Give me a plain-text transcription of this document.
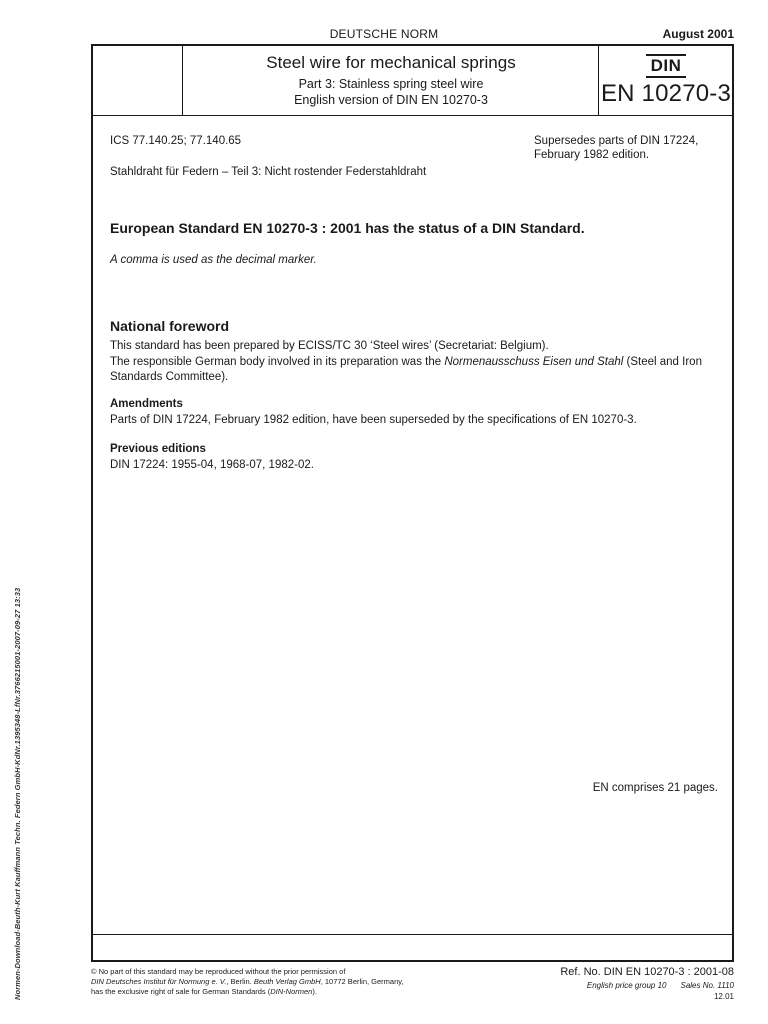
DEUTSCHE NORM	August 2001
Steel wire for mechanical springs
Part 3: Stainless spring steel wire
English version of DIN EN 10270-3
DIN
EN 10270-3
ICS 77.140.25; 77.140.65	Supersedes parts of DIN 17224,
February 1982 edition.
Stahldraht für Federn – Teil 3: Nicht rostender Federstahldraht
European Standard EN 10270-3 : 2001 has the status of a DIN Standard.
A comma is used as the decimal marker.
National foreword
This standard has been prepared by ECISS/TC 30 ‘Steel wires’ (Secretariat: Belgium).
The responsible German body involved in its preparation was the Normenausschuss Eisen und Stahl (Steel and Iron Standards Committee).
Amendments
Parts of DIN 17224, February 1982 edition, have been superseded by the specifications of EN 10270-3.
Previous editions
DIN 17224: 1955-04, 1968-07, 1982-02.
EN comprises 21 pages.
Normen-Download-Beuth-Kurt Kauffmann Techn. Federn GmbH-KdNr.1395348-LfNr.3766215001-2007-09-27 13:33	© No part of this standard may be reproduced without the prior permission of
DIN Deutsches Institut für Normung e. V., Berlin. Beuth Verlag GmbH, 10772 Berlin, Germany,
has the exclusive right of sale for German Standards (DIN-Normen).
Ref. No. DIN EN 10270-3 : 2001-08
English price group 10 Sales No. 1110
12.01
